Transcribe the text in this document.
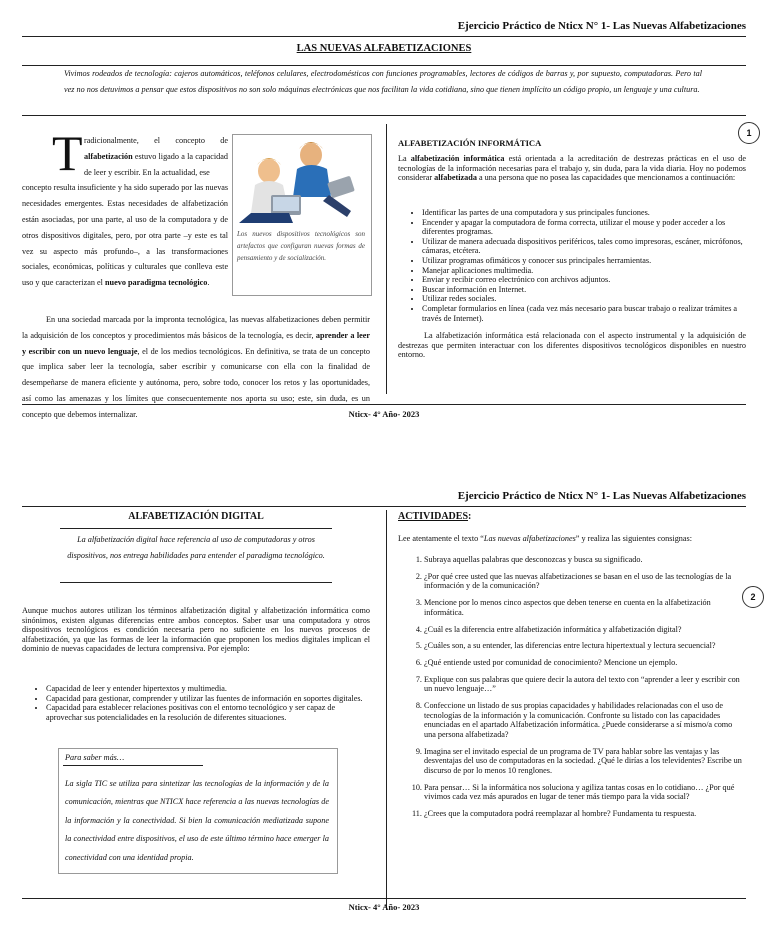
Ejercicio Práctico de Nticx N° 1- Las Nuevas Alfabetizaciones
LAS NUEVAS ALFABETIZACIONES
Vivimos rodeados de tecnología: cajeros automáticos, teléfonos celulares, electrodomésticos con funciones programables, lectores de códigos de barras y, por supuesto, computadoras. Pero tal vez no nos detuvimos a pensar que estos dispositivos no son solo máquinas electrónicas que nos facilitan la vida cotidiana, sino que tienen implícito un código propio, un lenguaje y una cultura.
T radicionalmente, el concepto de alfabetización estuvo ligado a la capacidad de leer y escribir. En la actualidad, ese
Los nuevos dispositivos tecnológicos son artefactos que configuran nuevas formas de pensamiento y de socialización.
concepto resulta insuficiente y ha sido superado por las nuevas necesidades emergentes. Estas necesidades de alfabetización están asociadas, por una parte, al uso de la computadora y de otros dispositivos digitales, pero, por otra parte –y este es tal vez su aspecto más profundo–, a las transformaciones sociales, económicas, políticas y culturales que conlleva este uso y que caracterizan el nuevo paradigma tecnológico.
En una sociedad marcada por la impronta tecnológica, las nuevas alfabetizaciones deben permitir la adquisición de los conceptos y procedimientos más básicos de la tecnología, es decir, aprender a leer y escribir con un nuevo lenguaje, el de los medios tecnológicos. En definitiva, se trata de un concepto que implica saber leer la tecnología, saber escribir y comunicarse con ella con la finalidad de desempeñarse de manera eficiente y autónoma, pero, sobre todo, conocer los retos y las oportunidades, así como las amenazas y los límites que consecuentemente nos aporta su uso; este, sin duda, es un concepto que debemos internalizar.
1
ALFABETIZACIÓN INFORMÁTICA
La alfabetización informática está orientada a la acreditación de destrezas prácticas en el uso de tecnologías de la información necesarias para el trabajo y, sin duda, para la vida diaria. Hoy no podemos considerar alfabetizada a una persona que no posea las capacidades que mencionamos a continuación:
• Identificar las partes de una computadora y sus principales funciones.
• Encender y apagar la computadora de forma correcta, utilizar el mouse y poder acceder a los diferentes programas.
• Utilizar de manera adecuada dispositivos periféricos, tales como impresoras, escáner, micrófonos, cámaras, etcétera.
• Utilizar programas ofimáticos y conocer sus principales herramientas.
• Manejar aplicaciones multimedia.
• Enviar y recibir correo electrónico con archivos adjuntos.
• Buscar información en Internet.
• Utilizar redes sociales.
• Completar formularios en línea (cada vez más necesario para buscar trabajo o realizar trámites a través de Internet).
La alfabetización informática está relacionada con el aspecto instrumental y la adquisición de destrezas que permiten interactuar con los diferentes dispositivos tecnológicos disponibles en nuestro entorno.
Nticx- 4° Año- 2023
Ejercicio Práctico de Nticx N° 1- Las Nuevas Alfabetizaciones
ALFABETIZACIÓN DIGITAL
La alfabetización digital hace referencia al uso de computadoras y otros dispositivos, nos entrega habilidades para entender el paradigma tecnológico.
Aunque muchos autores utilizan los términos alfabetización digital y alfabetización informática como sinónimos, existen algunas diferencias entre ambos conceptos. Saber usar una computadora y otros dispositivos tecnológicos es condición necesaria pero no suficiente en los nuevos procesos de alfabetización, ya que las formas de leer la información que proponen los medios digitales implican el dominio de nuevas capacidades de lectura comprensiva. Por ejemplo:
• Capacidad de leer y entender hipertextos y multimedia.
• Capacidad para gestionar, comprender y utilizar las fuentes de información en soportes digitales.
• Capacidad para establecer relaciones positivas con el entorno tecnológico y ser capaz de aprovechar sus potencialidades en la resolución de diferentes situaciones.
Para saber más…
La sigla TIC se utiliza para sintetizar las tecnologías de la información y de la comunicación, mientras que NTICX hace referencia a las nuevas tecnologías de la información y la conectividad. Si bien la comunicación mediatizada supone la conectividad entre dispositivos, el uso de este último término hace emerger la conectividad con una identidad propia.
ACTIVIDADES:
Lee atentamente el texto “Las nuevas alfabetizaciones” y realiza las siguientes consignas:
2
1. Subraya aquellas palabras que desconozcas y busca su significado.
2. ¿Por qué cree usted que las nuevas alfabetizaciones se basan en el uso de las tecnologías de la información y de la comunicación?
3. Mencione por lo menos cinco aspectos que deben tenerse en cuenta en la alfabetización informática.
4. ¿Cuál es la diferencia entre alfabetización informática y alfabetización digital?
5. ¿Cuáles son, a su entender, las diferencias entre lectura hipertextual y lectura secuencial?
6. ¿Qué entiende usted por comunidad de conocimiento? Mencione un ejemplo.
7. Explique con sus palabras que quiere decir la autora del texto con “aprender a leer y escribir con un nuevo lenguaje…”
8. Confeccione un listado de sus propias capacidades y habilidades relacionadas con el uso de tecnologías de la información y la comunicación. Confronte su listado con las capacidades enunciadas en el apartado Alfabetización informática. ¿Puede considerarse a sí mismo/a como una persona alfabetizada?
9. Imagina ser el invitado especial de un programa de TV para hablar sobre las ventajas y las desventajas del uso de computadoras en la sociedad. ¿Qué le dirías a los televidentes? Escribe un discurso de por lo menos 10 renglones.
10. Para pensar… Si la informática nos soluciona y agiliza tantas cosas en lo cotidiano… ¿Por qué vivimos cada vez más apurados en lugar de tener más tiempo para la vida social?
11. ¿Crees que la computadora podrá reemplazar al hombre? Fundamenta tu respuesta.
Nticx- 4° Año- 2023
